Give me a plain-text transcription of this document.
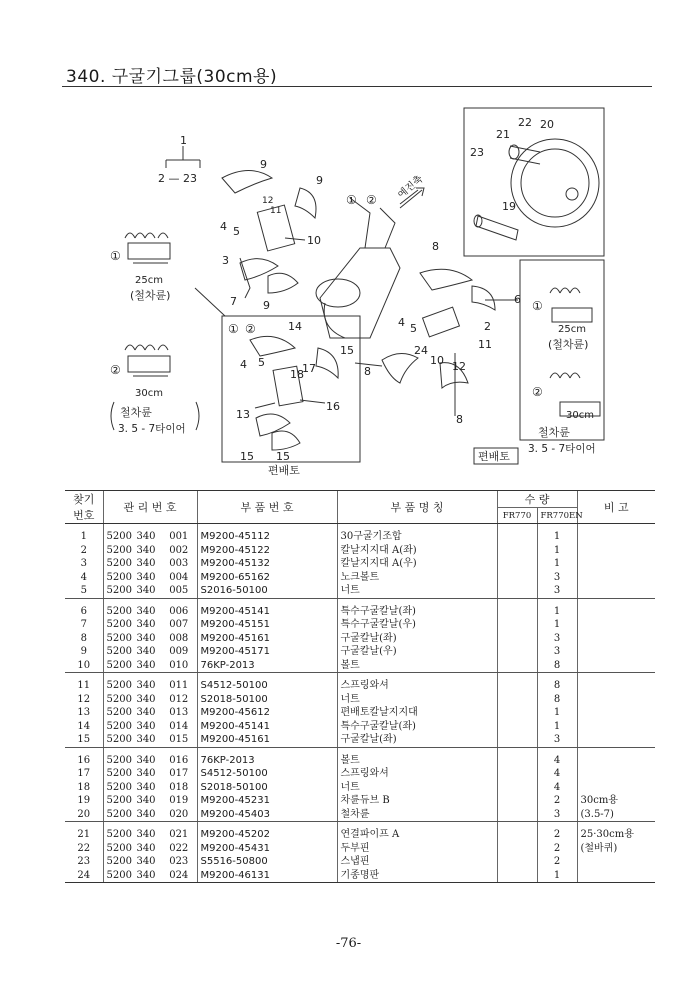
340. 구굴기그룹(30cm용)
1
2 — 23
9
9
12
11
4 5
10
3
7 9
① ② 예진축
8
6
4 5	2
24
10
11
12
8
8
14
15
4 5
18
17
13
16
15 15
21
22 20
23
19
①
25cm
(철차륜)
②
30cm
철차륜
3. 5 - 7타이어
①
25cm
(철차륜)
②
30cm
철차륜
3. 5 - 7타이어
① ②
편배토
편배토
찾기
번호	관 리 번 호			부 품 번 호	부 품 명 칭	수 량		비 고
						FR770	FR770EN	

1	5200	340	001	M9200-45112	30구굴기조합		1	
2	5200	340	002	M9200-45122	칼날지지대 A(좌)		1	
3	5200	340	003	M9200-45132	칼날지지대 A(우)		1	
4	5200	340	004	M9200-65162	노크볼트		3	
5	5200	340	005	S2016-50100	너트		3	

6	5200	340	006	M9200-45141	특수구굴칼날(좌)		1	
7	5200	340	007	M9200-45151	특수구굴칼날(우)		1	
8	5200	340	008	M9200-45161	구굴칼날(좌)		3	
9	5200	340	009	M9200-45171	구굴칼날(우)		3	
10	5200	340	010	76KP-2013	볼트		8	

11	5200	340	011	S4512-50100	스프링와셔		8	
12	5200	340	012	S2018-50100	너트		8	
13	5200	340	013	M9200-45612	편배토칼날지지대		1	
14	5200	340	014	M9200-45141	특수구굴칼날(좌)		1	
15	5200	340	015	M9200-45161	구굴칼날(좌)		3	

16	5200	340	016	76KP-2013	볼트		4	
17	5200	340	017	S4512-50100	스프링와셔		4	
18	5200	340	018	S2018-50100	너트		4	
19	5200	340	019	M9200-45231	차륜듀브 B		2	30cm용
20	5200	340	020	M9200-45403	철차륜		3	(3.5-7)

21	5200	340	021	M9200-45202	연결파이프 A		2	25·30cm용
22	5200	340	022	M9200-45431	두부핀		2	(철바퀴)
23	5200	340	023	S5516-50800	스냅핀		2	
24	5200	340	024	M9200-46131	기종명판		1	
-76-
